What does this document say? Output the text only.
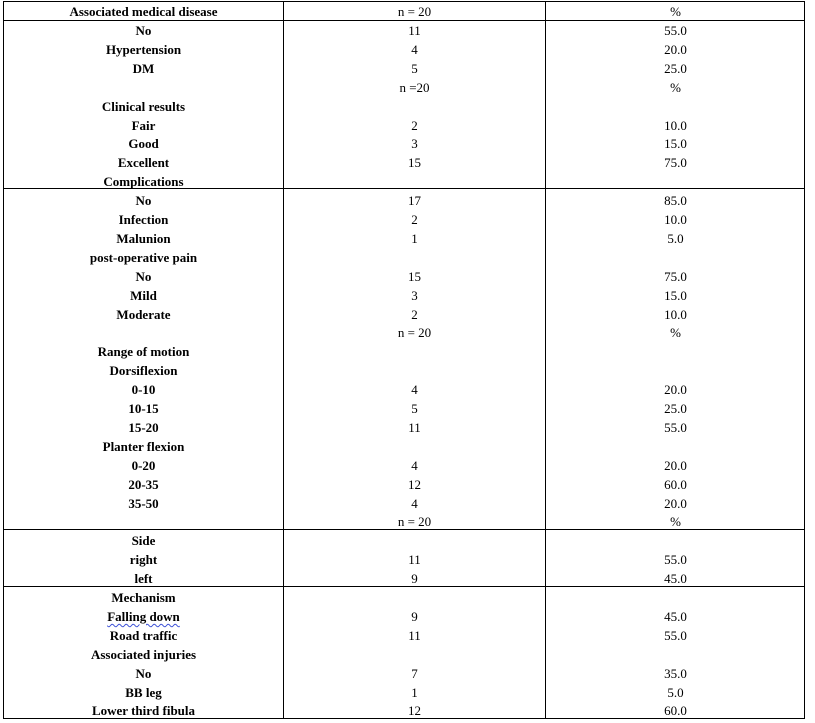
Associated medical disease	n = 20	%
No	11	55.0
Hypertension	4	20.0
DM	5	25.0
n =20	%
Clinical results
Fair	2	10.0
Good	3	15.0
Excellent	15	75.0
Complications
No	17	85.0
Infection	2	10.0
Malunion	1	5.0
post-operative pain
No	15	75.0
Mild	3	15.0
Moderate	2	10.0
n = 20	%
Range of motion
Dorsiflexion
0-10	4	20.0
10-15	5	25.0
15-20	11	55.0
Planter flexion
0-20	4	20.0
20-35	12	60.0
35-50	4	20.0
n = 20	%
Side
right	11	55.0
left	9	45.0
Mechanism
Falling down	9	45.0
Road traffic	11	55.0
Associated injuries
No	7	35.0
BB leg	1	5.0
Lower third fibula	12	60.0
